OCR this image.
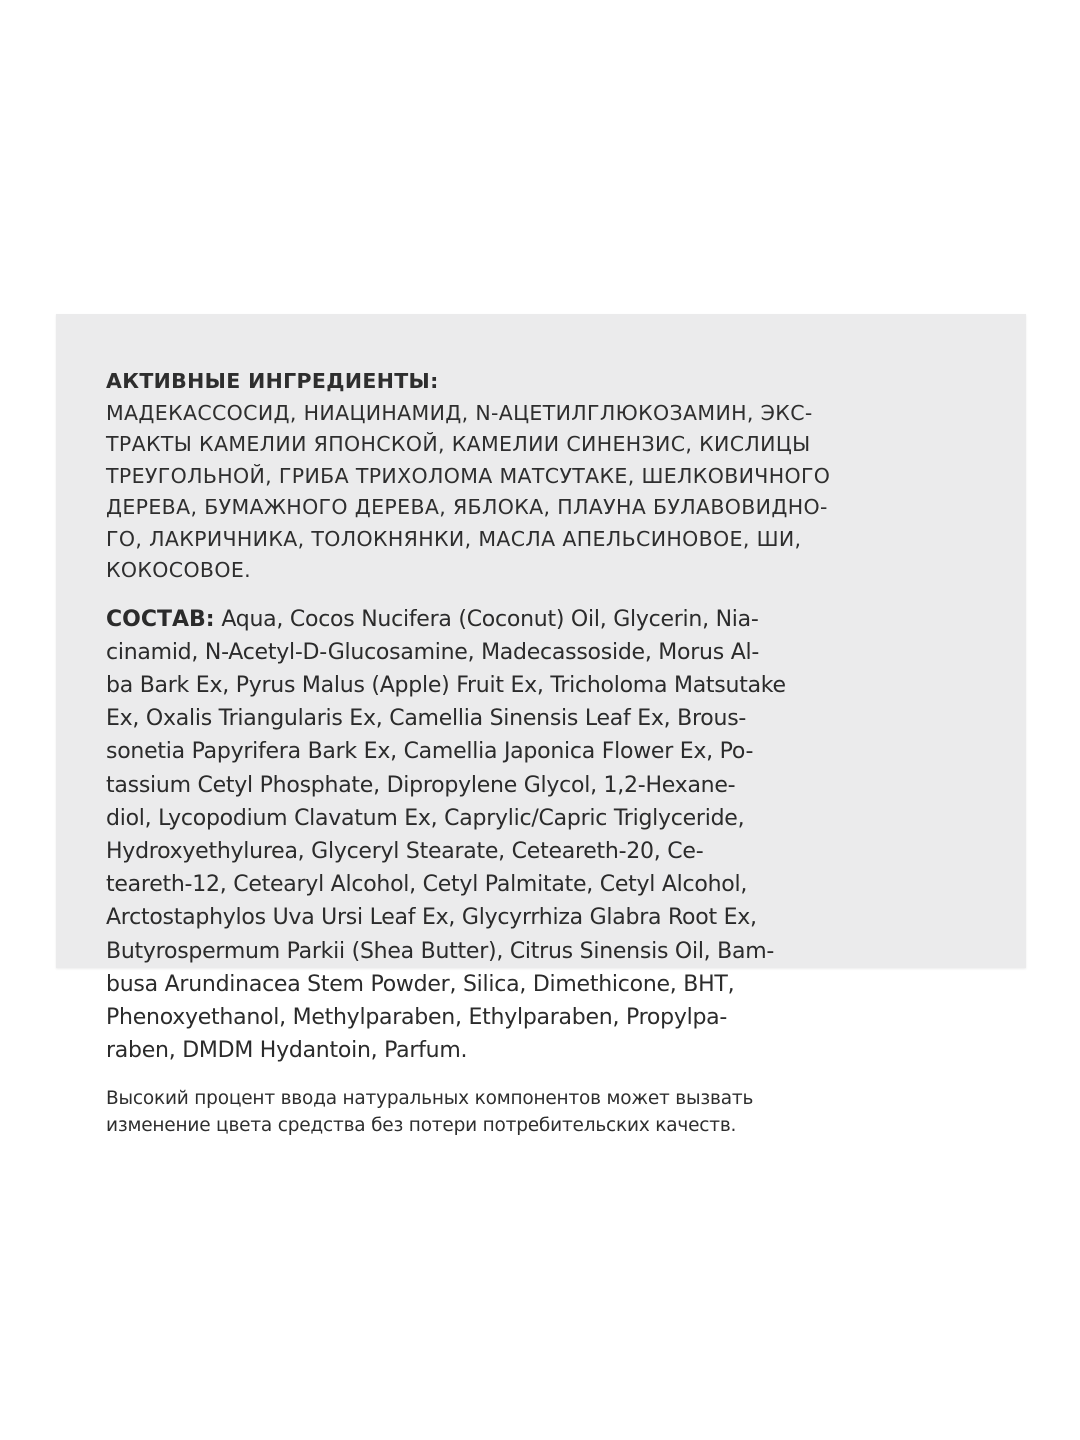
АКТИВНЫЕ ИНГРЕДИЕНТЫ:
МАДЕКАССОСИД, НИАЦИНАМИД, N-АЦЕТИЛГЛЮКОЗАМИН, ЭКС-
ТРАКТЫ КАМЕЛИИ ЯПОНСКОЙ, КАМЕЛИИ СИНЕНЗИС, КИСЛИЦЫ
ТРЕУГОЛЬНОЙ, ГРИБА ТРИХОЛОМА МАТСУТАКЕ, ШЕЛКОВИЧНОГО
ДЕРЕВА, БУМАЖНОГО ДЕРЕВА, ЯБЛОКА, ПЛАУНА БУЛАВОВИДНО-
ГО, ЛАКРИЧНИКА, ТОЛОКНЯНКИ, МАСЛА АПЕЛЬСИНОВОЕ, ШИ,
КОКОСОВОЕ.
СОСТАВ: Aqua, Cocos Nucifera (Coconut) Oil, Glycerin, Nia-
cinamid, N-Acetyl-D-Glucosamine, Madecassoside, Morus Al-
ba Bark Ex, Pyrus Malus (Apple) Fruit Ex, Tricholoma Matsutake
Ex, Oxalis Triangularis Ex, Camellia Sinensis Leaf Ex, Brous-
sonetia Papyrifera Bark Ex, Camellia Japonica Flower Ex, Po-
tassium Cetyl Phosphate, Dipropylene Glycol, 1,2-Hexane-
diol, Lycopodium Clavatum Ex, Caprylic/Capric Triglyceride,
Hydroxyethylurea, Glyceryl Stearate, Ceteareth-20, Ce-
teareth-12, Cetearyl Alcohol, Cetyl Palmitate, Cetyl Alcohol,
Arctostaphylos Uva Ursi Leaf Ex, Glycyrrhiza Glabra Root Ex,
Butyrospermum Parkii (Shea Butter), Citrus Sinensis Oil, Bam-
busa Arundinacea Stem Powder, Silica, Dimethicone, BHT,
Phenoxyethanol, Methylparaben, Ethylparaben, Propylpa-
raben, DMDM Hydantoin, Parfum.
Высокий процент ввода натуральных компонентов может вызвать
изменение цвета средства без потери потребительских качеств.
